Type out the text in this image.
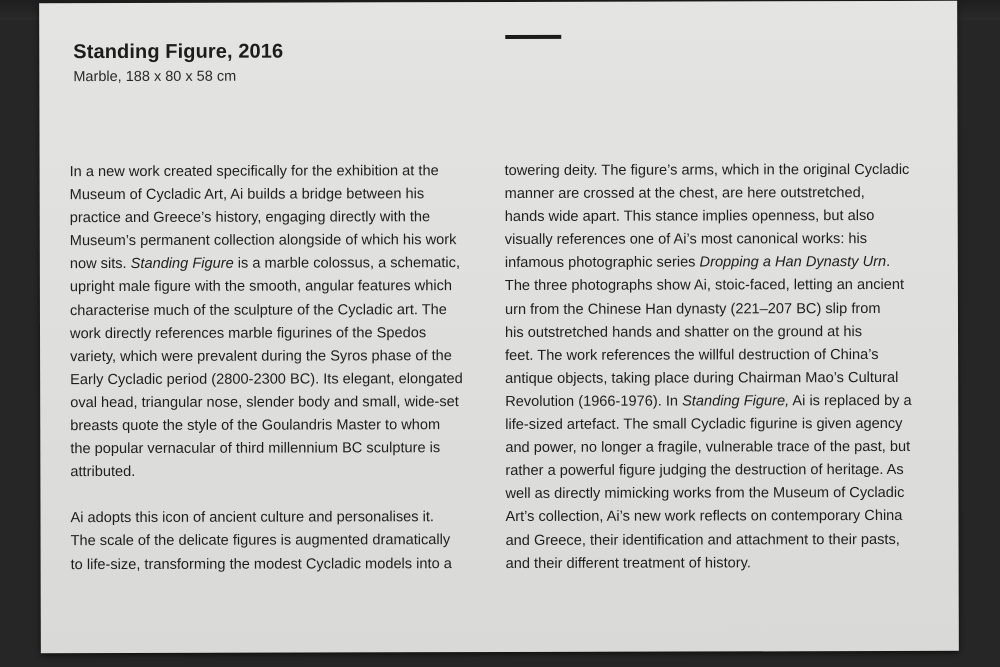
Standing Figure, 2016

Marble, 188 x 80 x 58 cm

In a new work created specifically for the exhibition at the
Museum of Cycladic Art, Ai builds a bridge between his
practice and Greece’s history, engaging directly with the
Museum’s permanent collection alongside of which his work
now sits. Standing Figure is a marble colossus, a schematic,
upright male figure with the smooth, angular features which
characterise much of the sculpture of the Cycladic art. The
work directly references marble figurines of the Spedos
variety, which were prevalent during the Syros phase of the
Early Cycladic period (2800-2300 BC). Its elegant, elongated
oval head, triangular nose, slender body and small, wide-set
breasts quote the style of the Goulandris Master to whom
the popular vernacular of third millennium BC sculpture is
attributed.

Ai adopts this icon of ancient culture and personalises it.
The scale of the delicate figures is augmented dramatically
to life-size, transforming the modest Cycladic models into a

towering deity. The figure’s arms, which in the original Cycladic
manner are crossed at the chest, are here outstretched,
hands wide apart. This stance implies openness, but also
visually references one of Ai’s most canonical works: his
infamous photographic series Dropping a Han Dynasty Urn.
The three photographs show Ai, stoic-faced, letting an ancient
urn from the Chinese Han dynasty (221–207 BC) slip from
his outstretched hands and shatter on the ground at his
feet. The work references the willful destruction of China’s
antique objects, taking place during Chairman Mao’s Cultural
Revolution (1966-1976). In Standing Figure, Ai is replaced by a
life-sized artefact. The small Cycladic figurine is given agency
and power, no longer a fragile, vulnerable trace of the past, but
rather a powerful figure judging the destruction of heritage. As
well as directly mimicking works from the Museum of Cycladic
Art’s collection, Ai’s new work reflects on contemporary China
and Greece, their identification and attachment to their pasts,
and their different treatment of history.
